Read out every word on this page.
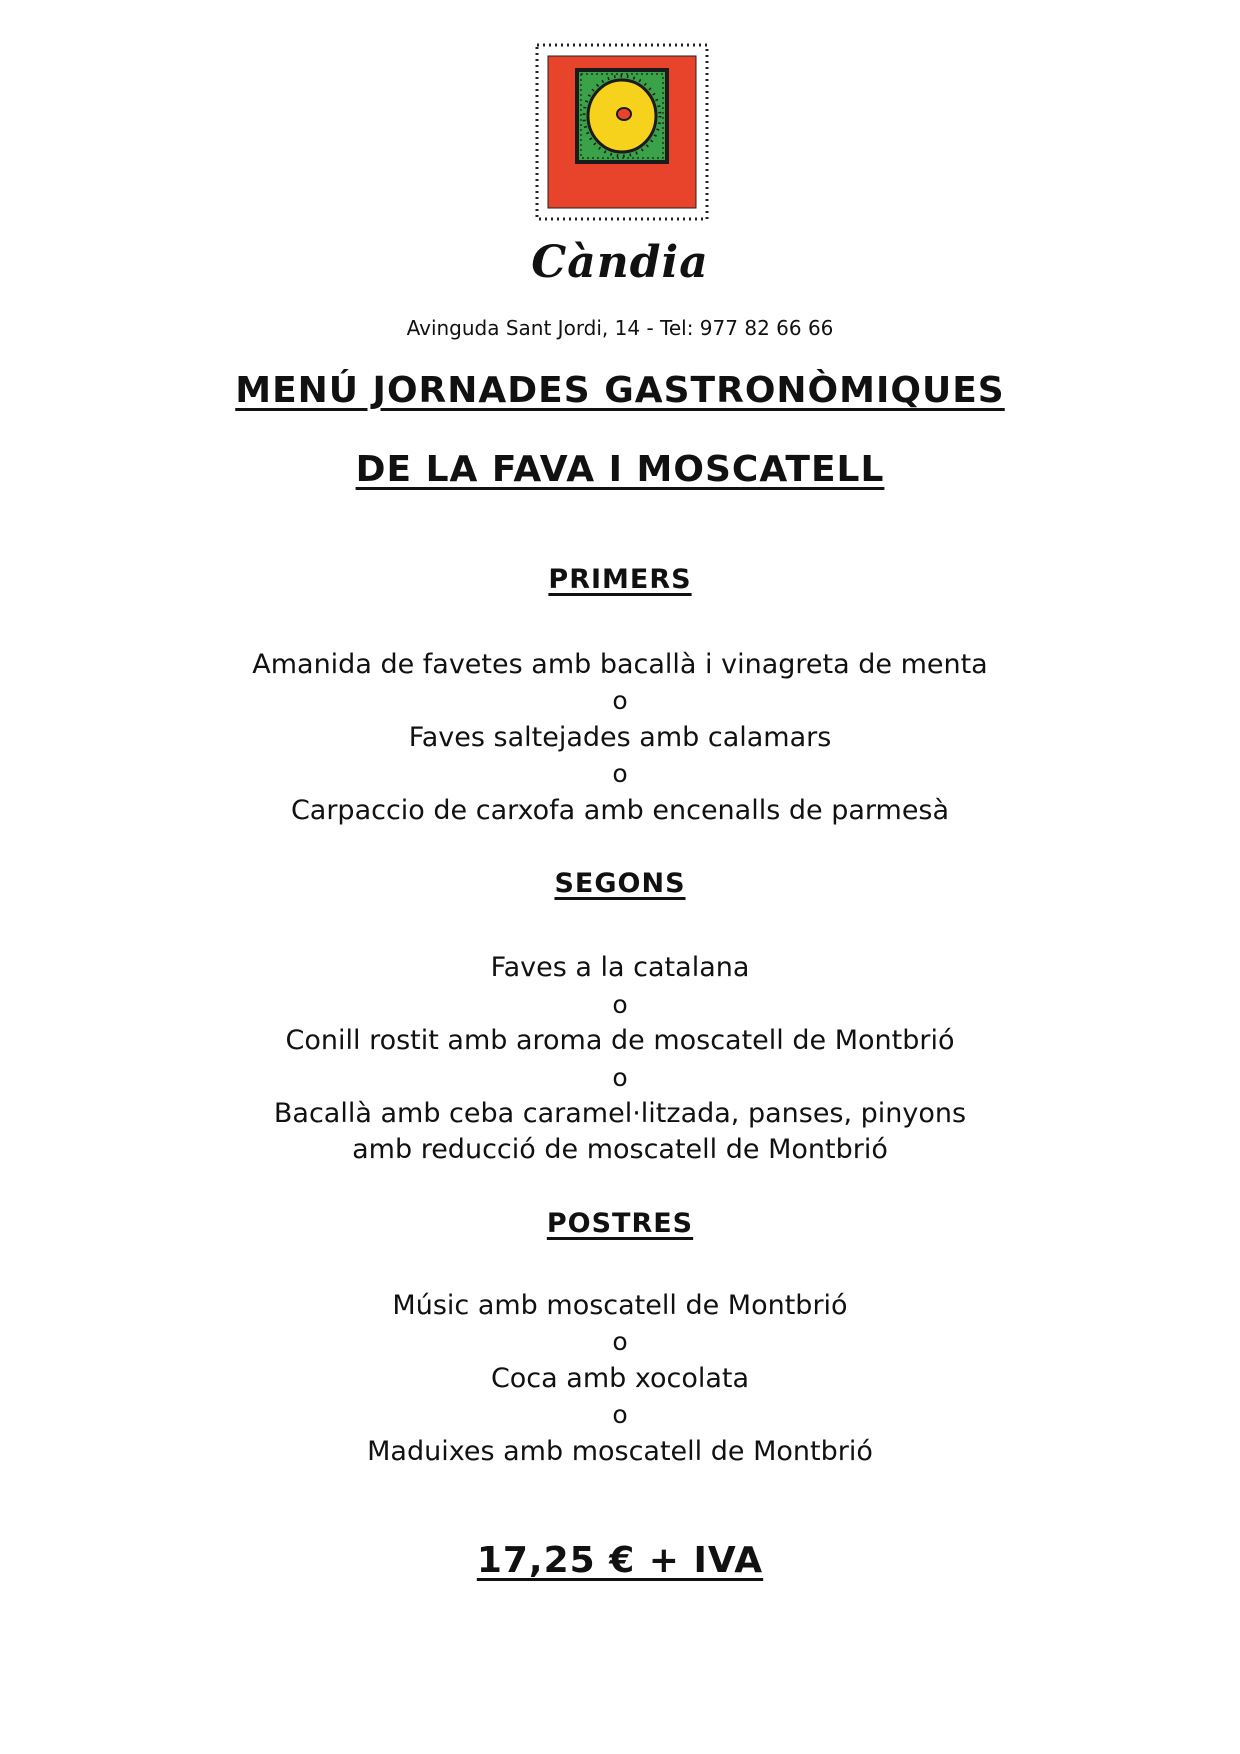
Càndia
Avinguda Sant Jordi, 14 - Tel: 977 82 66 66
MENÚ JORNADES GASTRONÒMIQUES
DE LA FAVA I MOSCATELL
PRIMERS
Amanida de favetes amb bacallà i vinagreta de menta
o
Faves saltejades amb calamars
o
Carpaccio de carxofa amb encenalls de parmesà
SEGONS
Faves a la catalana
o
Conill rostit amb aroma de moscatell de Montbrió
o
Bacallà amb ceba caramel·litzada, panses, pinyons
amb reducció de moscatell de Montbrió
POSTRES
Músic amb moscatell de Montbrió
o
Coca amb xocolata
o
Maduixes amb moscatell de Montbrió
17,25 € + IVA
